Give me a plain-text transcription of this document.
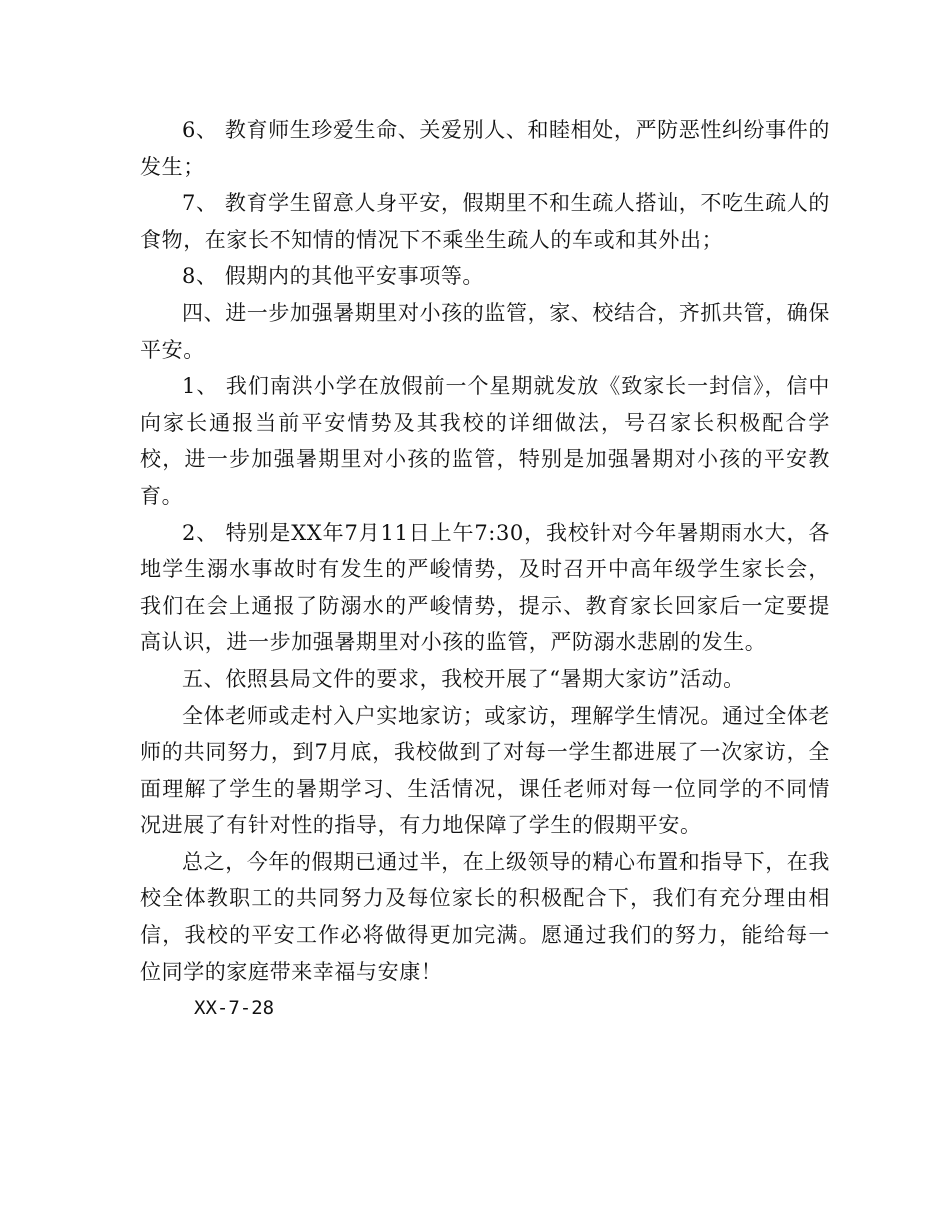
6、 教育师生珍爱生命、关爱别人、和睦相处，严防恶性纠纷事件的发生；

7、 教育学生留意人身平安，假期里不和生疏人搭讪，不吃生疏人的食物，在家长不知情的情况下不乘坐生疏人的车或和其外出；

8、 假期内的其他平安事项等。

四、进一步加强暑期里对小孩的监管，家、校结合，齐抓共管，确保平安。

1、 我们南洪小学在放假前一个星期就发放《致家长一封信》，信中向家长通报当前平安情势及其我校的详细做法，号召家长积极配合学校，进一步加强暑期里对小孩的监管，特别是加强暑期对小孩的平安教育。

2、 特别是XX年7月11日上午7:30，我校针对今年暑期雨水大，各地学生溺水事故时有发生的严峻情势，及时召开中高年级学生家长会，我们在会上通报了防溺水的严峻情势，提示、教育家长回家后一定要提高认识，进一步加强暑期里对小孩的监管，严防溺水悲剧的发生。

五、依照县局文件的要求，我校开展了“暑期大家访”活动。

全体老师或走村入户实地家访；或家访，理解学生情况。通过全体老师的共同努力，到7月底，我校做到了对每一学生都进展了一次家访，全面理解了学生的暑期学习、生活情况，课任老师对每一位同学的不同情况进展了有针对性的指导，有力地保障了学生的假期平安。

总之，今年的假期已通过半，在上级领导的精心布置和指导下，在我校全体教职工的共同努力及每位家长的积极配合下，我们有充分理由相信，我校的平安工作必将做得更加完满。愿通过我们的努力，能给每一位同学的家庭带来幸福与安康！

XX-7-28
